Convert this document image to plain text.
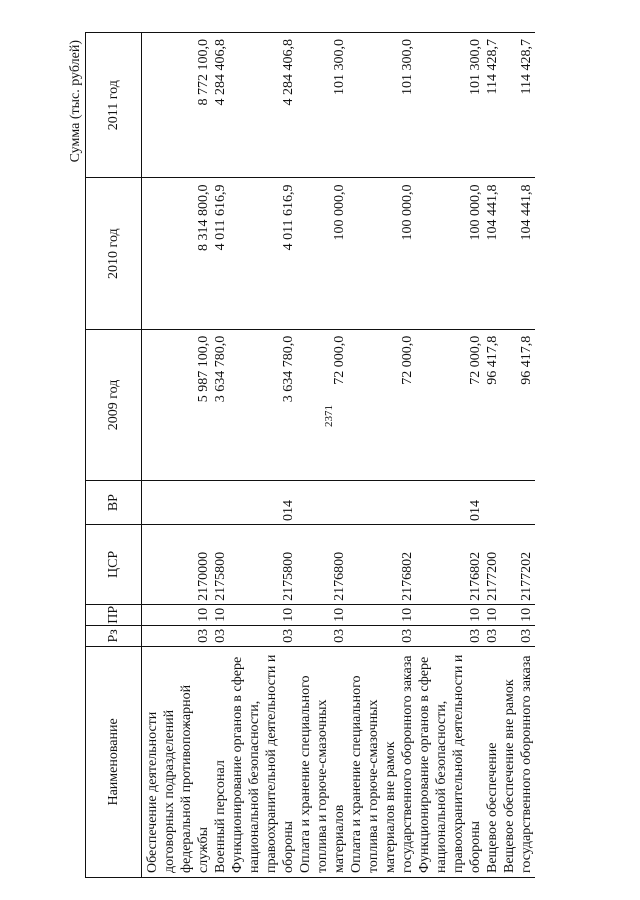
2371
Сумма (тыс. рублей)
Наименование	Рз	ПР	ЦСР	ВР	2009 год	2010 год	2011 год
Обеспечение деятельности договорных подразделений федеральной противопожарной службы	03	10	2170000		5 987 100,0	8 314 800,0	8 772 100,0
Военный персонал	03	10	2175800		3 634 780,0	4 011 616,9	4 284 406,8
Функционирование органов в сфере национальной безопасности, правоохранительной деятельности и обороны	03	10	2175800	014	3 634 780,0	4 011 616,9	4 284 406,8
Оплата и хранение специального топлива и горюче-смазочных материалов	03	10	2176800		72 000,0	100 000,0	101 300,0
Оплата и хранение специального топлива и горюче-смазочных материалов вне рамок государственного оборонного заказа	03	10	2176802		72 000,0	100 000,0	101 300,0
Функционирование органов в сфере национальной безопасности, правоохранительной деятельности и обороны	03	10	2176802	014	72 000,0	100 000,0	101 300,0
Вещевое обеспечение	03	10	2177200		96 417,8	104 441,8	114 428,7
Вещевое обеспечение вне рамок государственного оборонного заказа	03	10	2177202		96 417,8	104 441,8	114 428,7
